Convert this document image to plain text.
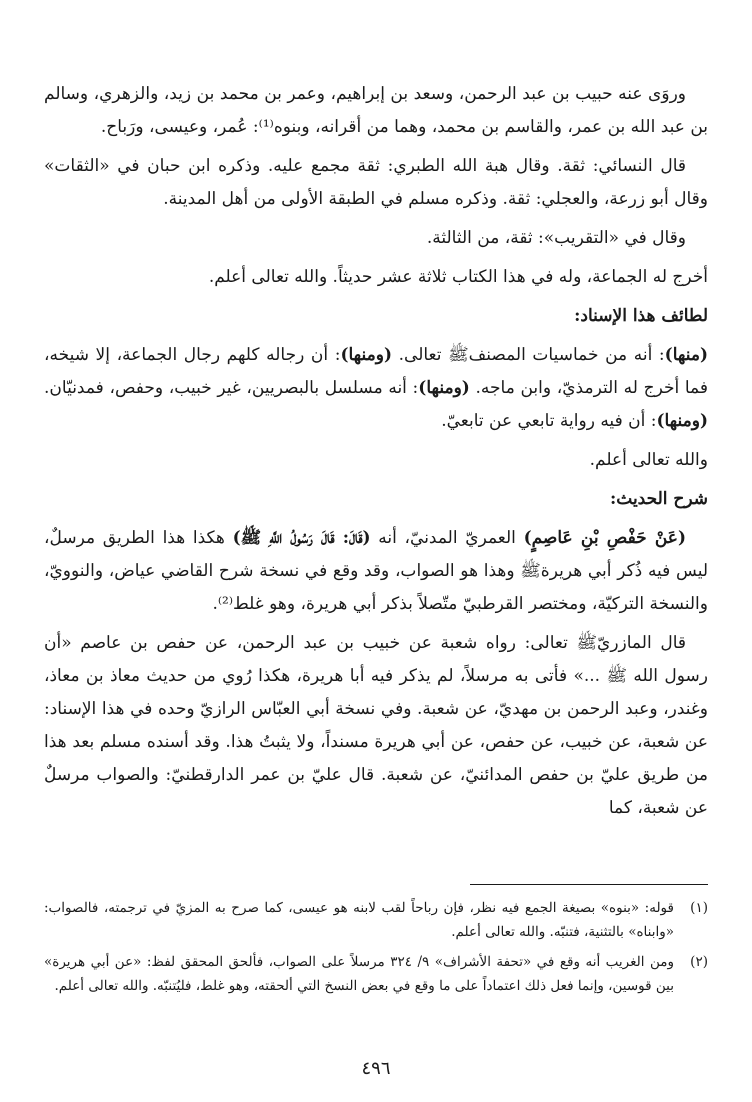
وروَى عنه حبيب بن عبد الرحمن، وسعد بن إبراهيم، وعمر بن محمد بن زيد، والزهري، وسالم بن عبد الله بن عمر، والقاسم بن محمد، وهما من أقرانه، وبنوه⁽¹⁾: عُمر، وعيسى، ورَباح.

قال النسائي: ثقة. وقال هبة الله الطبري: ثقة مجمع عليه. وذكره ابن حبان في «الثقات» وقال أبو زرعة، والعجلي: ثقة. وذكره مسلم في الطبقة الأولى من أهل المدينة.

وقال في «التقريب»: ثقة، من الثالثة.

أخرج له الجماعة، وله في هذا الكتاب ثلاثة عشر حديثاً. والله تعالى أعلم.

لطائف هذا الإسناد:

(منها): أنه من خماسيات المصنفﷺ تعالى. (ومنها): أن رجاله كلهم رجال الجماعة، إلا شيخه، فما أخرج له الترمذيّ، وابن ماجه. (ومنها): أنه مسلسل بالبصريين، غير خبيب، وحفص، فمدنيّان. (ومنها): أن فيه رواية تابعي عن تابعيّ.

والله تعالى أعلم.

شرح الحديث:

(عَنْ حَفْصِ بْنِ عَاصِمٍ) العمريّ المدنيّ، أنه (قَالَ: قَالَ رَسُولُ اللَّهِ ﷺ) هكذا هذا الطريق مرسلٌ، ليس فيه ذُكر أبي هريرةﷺ وهذا هو الصواب، وقد وقع في نسخة شرح القاضي عياض، والنوويّ، والنسخة التركيّة، ومختصر القرطبيّ متّصلاً بذكر أبي هريرة، وهو غلط⁽²⁾.

قال المازريّﷺ تعالى: رواه شعبة عن خبيب بن عبد الرحمن، عن حفص بن عاصم «أن رسول الله ﷺ ...» فأتى به مرسلاً، لم يذكر فيه أبا هريرة، هكذا رُوي من حديث معاذ بن معاذ، وغندر، وعبد الرحمن بن مهديّ، عن شعبة. وفي نسخة أبي العبّاس الرازيّ وحده في هذا الإسناد: عن شعبة، عن خبيب، عن حفص، عن أبي هريرة مسنداً، ولا يثبتُ هذا. وقد أسنده مسلم بعد هذا من طريق عليّ بن حفص المدائنيّ، عن شعبة. قال عليّ بن عمر الدارقطنيّ: والصواب مرسلٌ عن شعبة، كما

(١)
قوله: «بنوه» بصيغة الجمع فيه نظر، فإن رباحاً لقب لابنه هو عيسى، كما صرح به المزيّ في ترجمته، فالصواب: «وابناه» بالتثنية، فتنبّه. والله تعالى أعلم.
(٢)
ومن الغريب أنه وقع في «تحفة الأشراف» ٩/ ٣٢٤ مرسلاً على الصواب، فألحق المحقق لفظ: «عن أبي هريرة» بين قوسين، وإنما فعل ذلك اعتماداً على ما وقع في بعض النسخ التي ألحقته، وهو غلط، فليُتنبّه. والله تعالى أعلم.
٤٩٦
